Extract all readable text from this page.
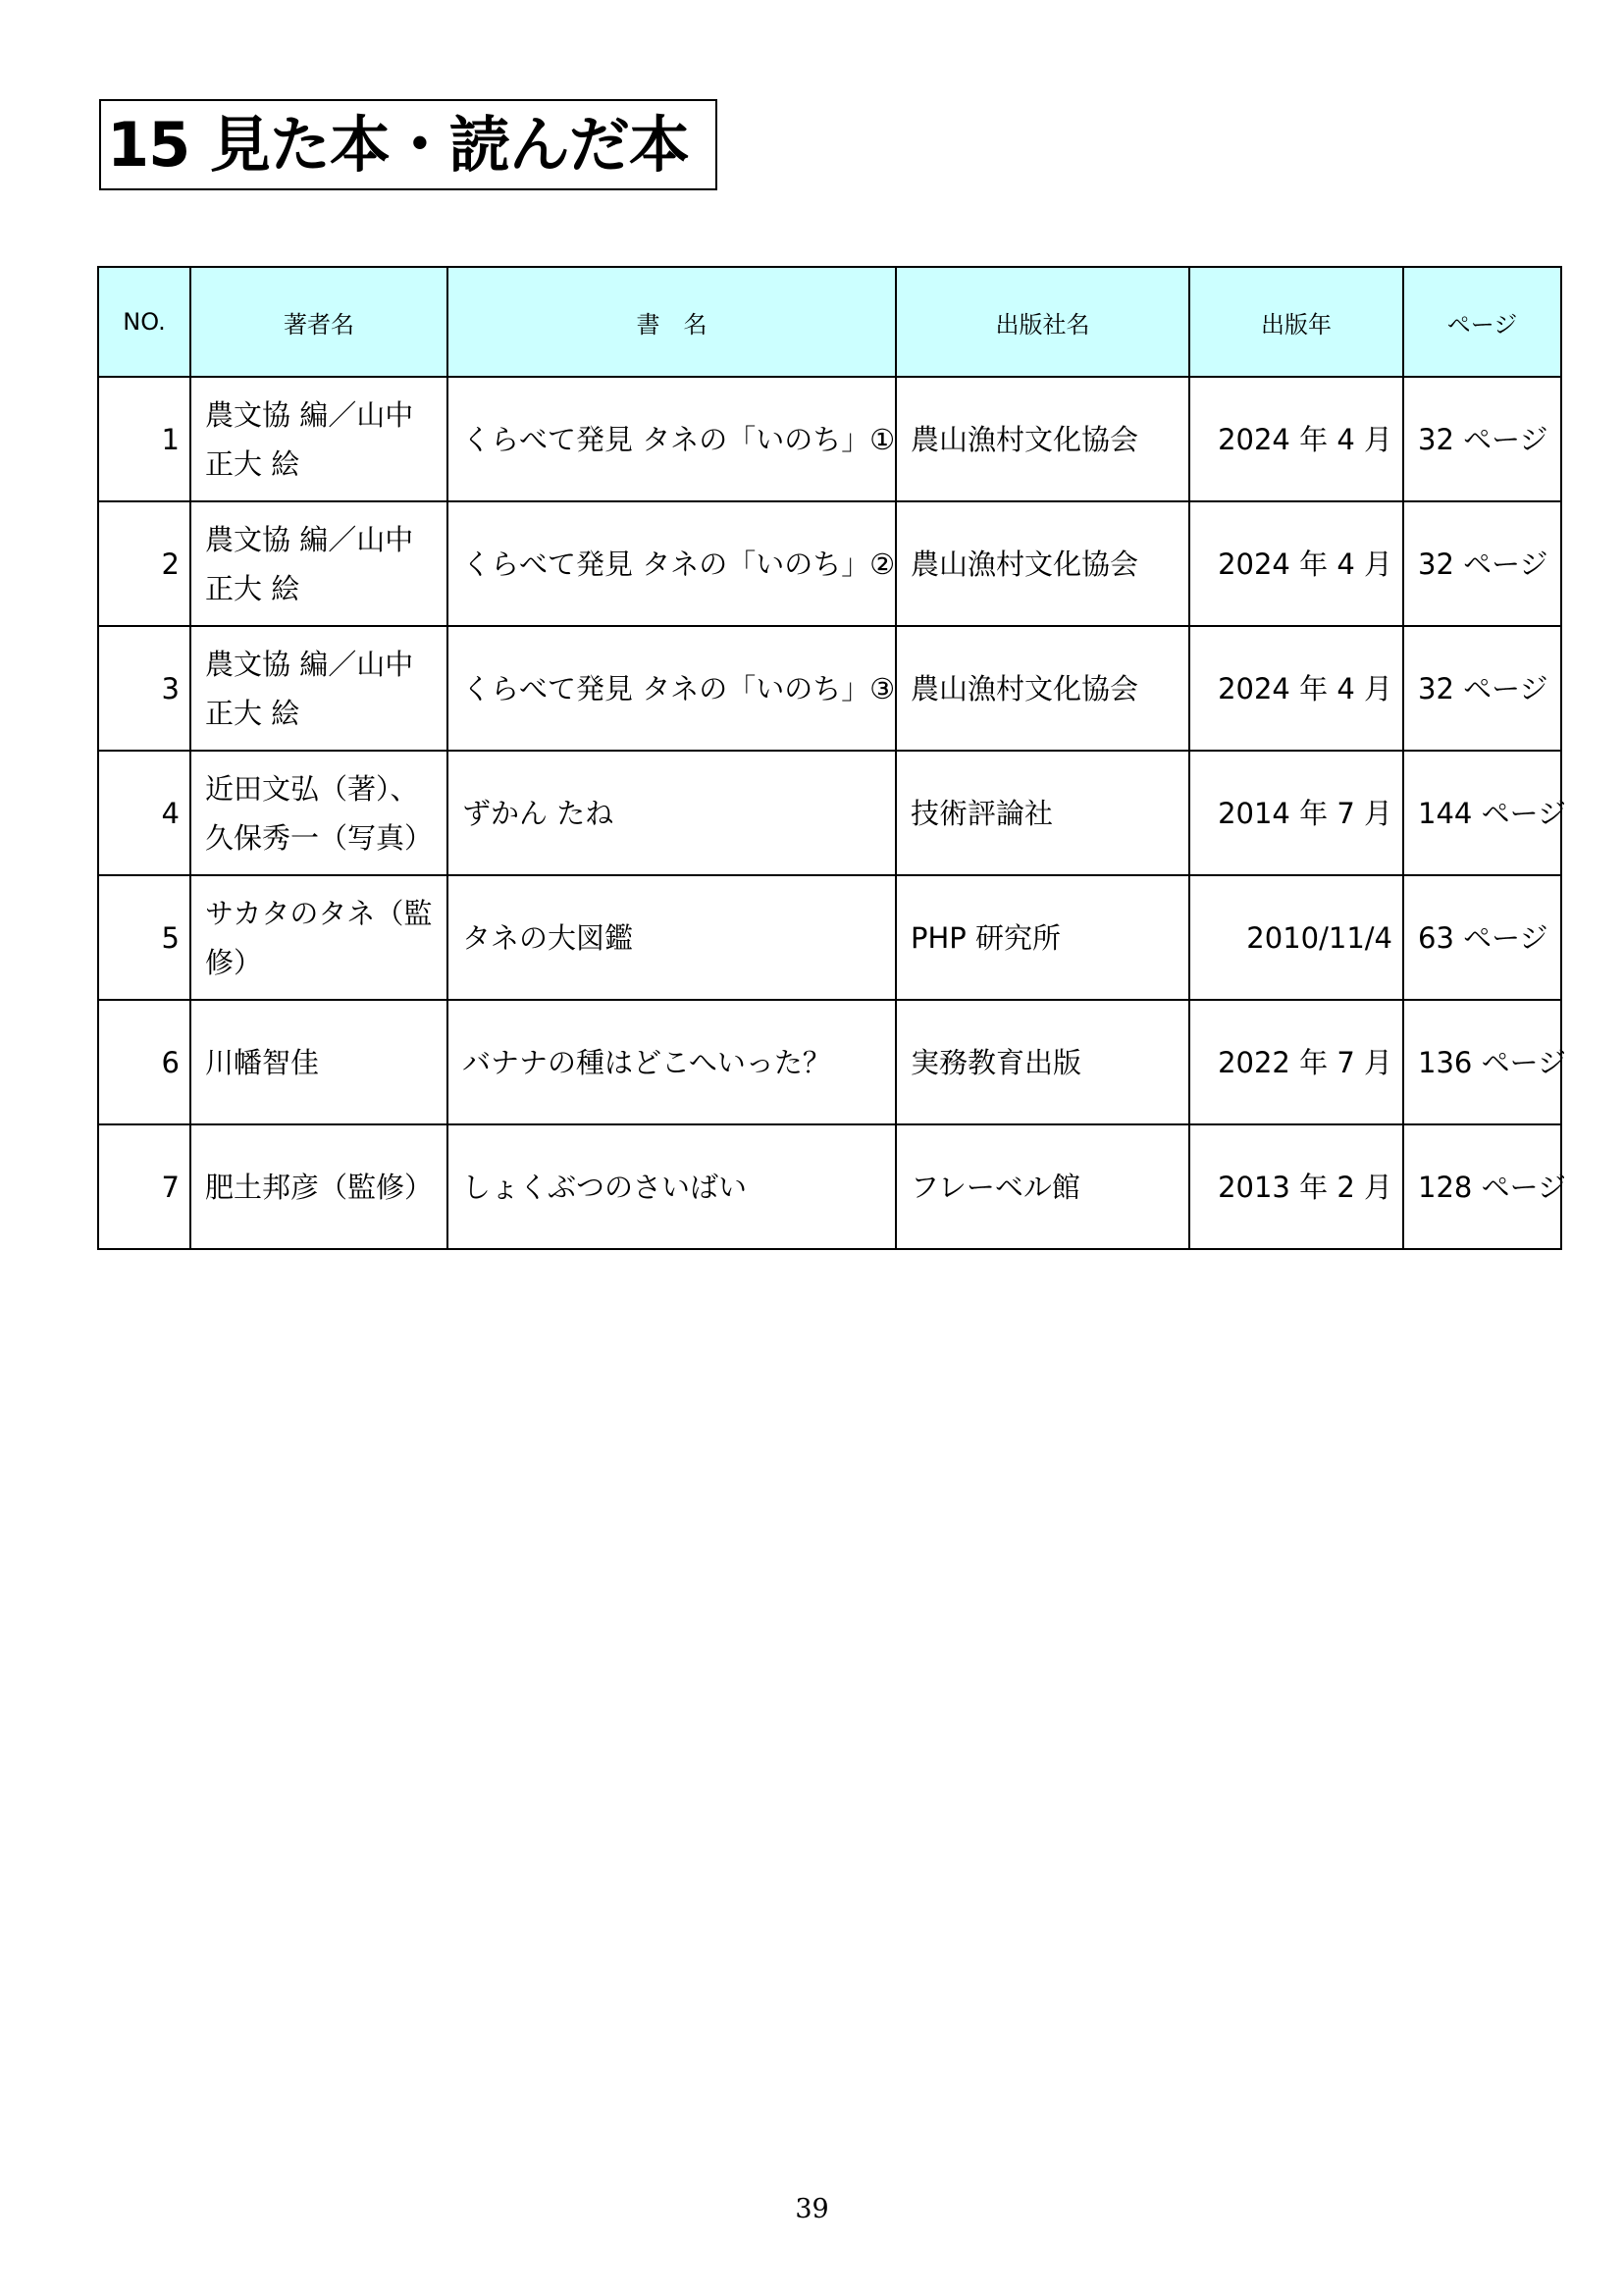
15 見た本・読んだ本
NO.	著者名	書　名	出版社名	出版年	ページ
1	農文協 編／山中正大 絵	くらべて発見 タネの「いのち」①	農山漁村文化協会	2024 年 4 月	32 ページ
2	農文協 編／山中正大 絵	くらべて発見 タネの「いのち」②	農山漁村文化協会	2024 年 4 月	32 ページ
3	農文協 編／山中正大 絵	くらべて発見 タネの「いのち」③	農山漁村文化協会	2024 年 4 月	32 ページ
4	近田文弘（著）、久保秀一（写真）	ずかん たね	技術評論社	2014 年 7 月	144 ページ
5	サカタのタネ（監修）	タネの大図鑑	PHP 研究所	2010/11/4	63 ページ
6	川幡智佳	バナナの種はどこへいった？	実務教育出版	2022 年 7 月	136 ページ
7	肥土邦彦（監修）	しょくぶつのさいばい	フレーベル館	2013 年 2 月	128 ページ
39
